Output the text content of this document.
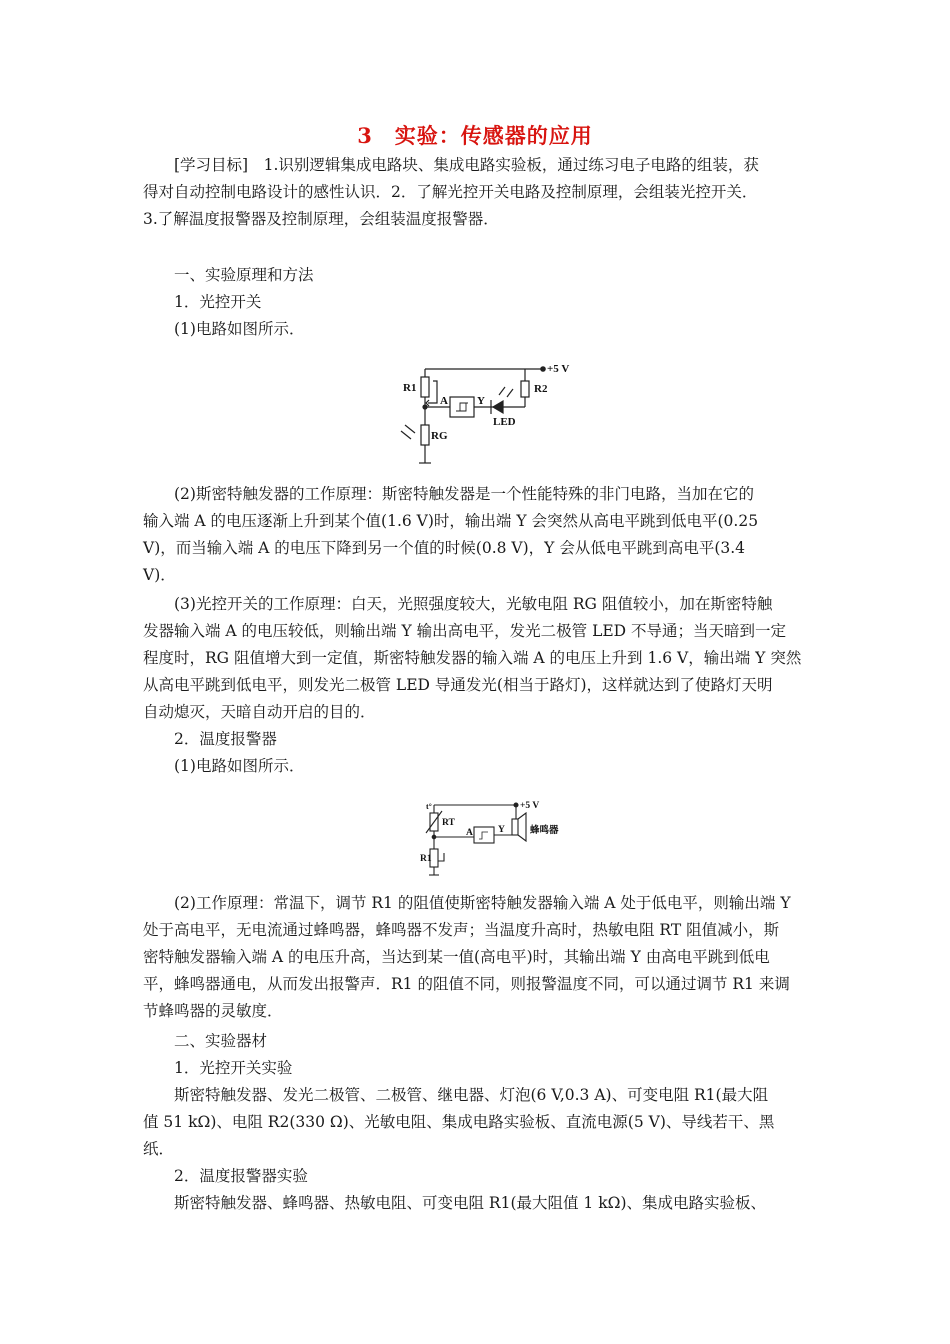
3　实验：传感器的应用
[学习目标]　1.识别逻辑集成电路块、集成电路实验板，通过练习电子电路的组装，获
得对自动控制电路设计的感性认识．2．了解光控开关电路及控制原理，会组装光控开关．
3.了解温度报警器及控制原理，会组装温度报警器．
一、实验原理和方法
1．光控开关
(1)电路如图所示．
+5 V
R1	R2
RG
A	Y
LED
(2)斯密特触发器的工作原理：斯密特触发器是一个性能特殊的非门电路，当加在它的
输入端 A 的电压逐渐上升到某个值(1.6 V)时，输出端 Y 会突然从高电平跳到低电平(0.25
V)，而当输入端 A 的电压下降到另一个值的时候(0.8 V)，Y 会从低电平跳到高电平(3.4
V)．
(3)光控开关的工作原理：白天，光照强度较大，光敏电阻 RG 阻值较小，加在斯密特触
发器输入端 A 的电压较低，则输出端 Y 输出高电平，发光二极管 LED 不导通；当天暗到一定
程度时，RG 阻值增大到一定值，斯密特触发器的输入端 A 的电压上升到 1.6 V，输出端 Y 突然
从高电平跳到低电平，则发光二极管 LED 导通发光(相当于路灯)，这样就达到了使路灯天明
自动熄灭，天暗自动开启的目的．
2．温度报警器
(1)电路如图所示．
+5 V
t°
RT
R1
A	Y	蜂鸣器
(2)工作原理：常温下，调节 R1 的阻值使斯密特触发器输入端 A 处于低电平，则输出端 Y
处于高电平，无电流通过蜂鸣器，蜂鸣器不发声；当温度升高时，热敏电阻 RT 阻值减小，斯
密特触发器输入端 A 的电压升高，当达到某一值(高电平)时，其输出端 Y 由高电平跳到低电
平，蜂鸣器通电，从而发出报警声．R1 的阻值不同，则报警温度不同，可以通过调节 R1 来调
节蜂鸣器的灵敏度．
二、实验器材
1．光控开关实验
斯密特触发器、发光二极管、二极管、继电器、灯泡(6 V,0.3 A)、可变电阻 R1(最大阻
值 51 kΩ)、电阻 R2(330 Ω)、光敏电阻、集成电路实验板、直流电源(5 V)、导线若干、黑
纸．
2．温度报警器实验
斯密特触发器、蜂鸣器、热敏电阻、可变电阻 R1(最大阻值 1 kΩ)、集成电路实验板、
